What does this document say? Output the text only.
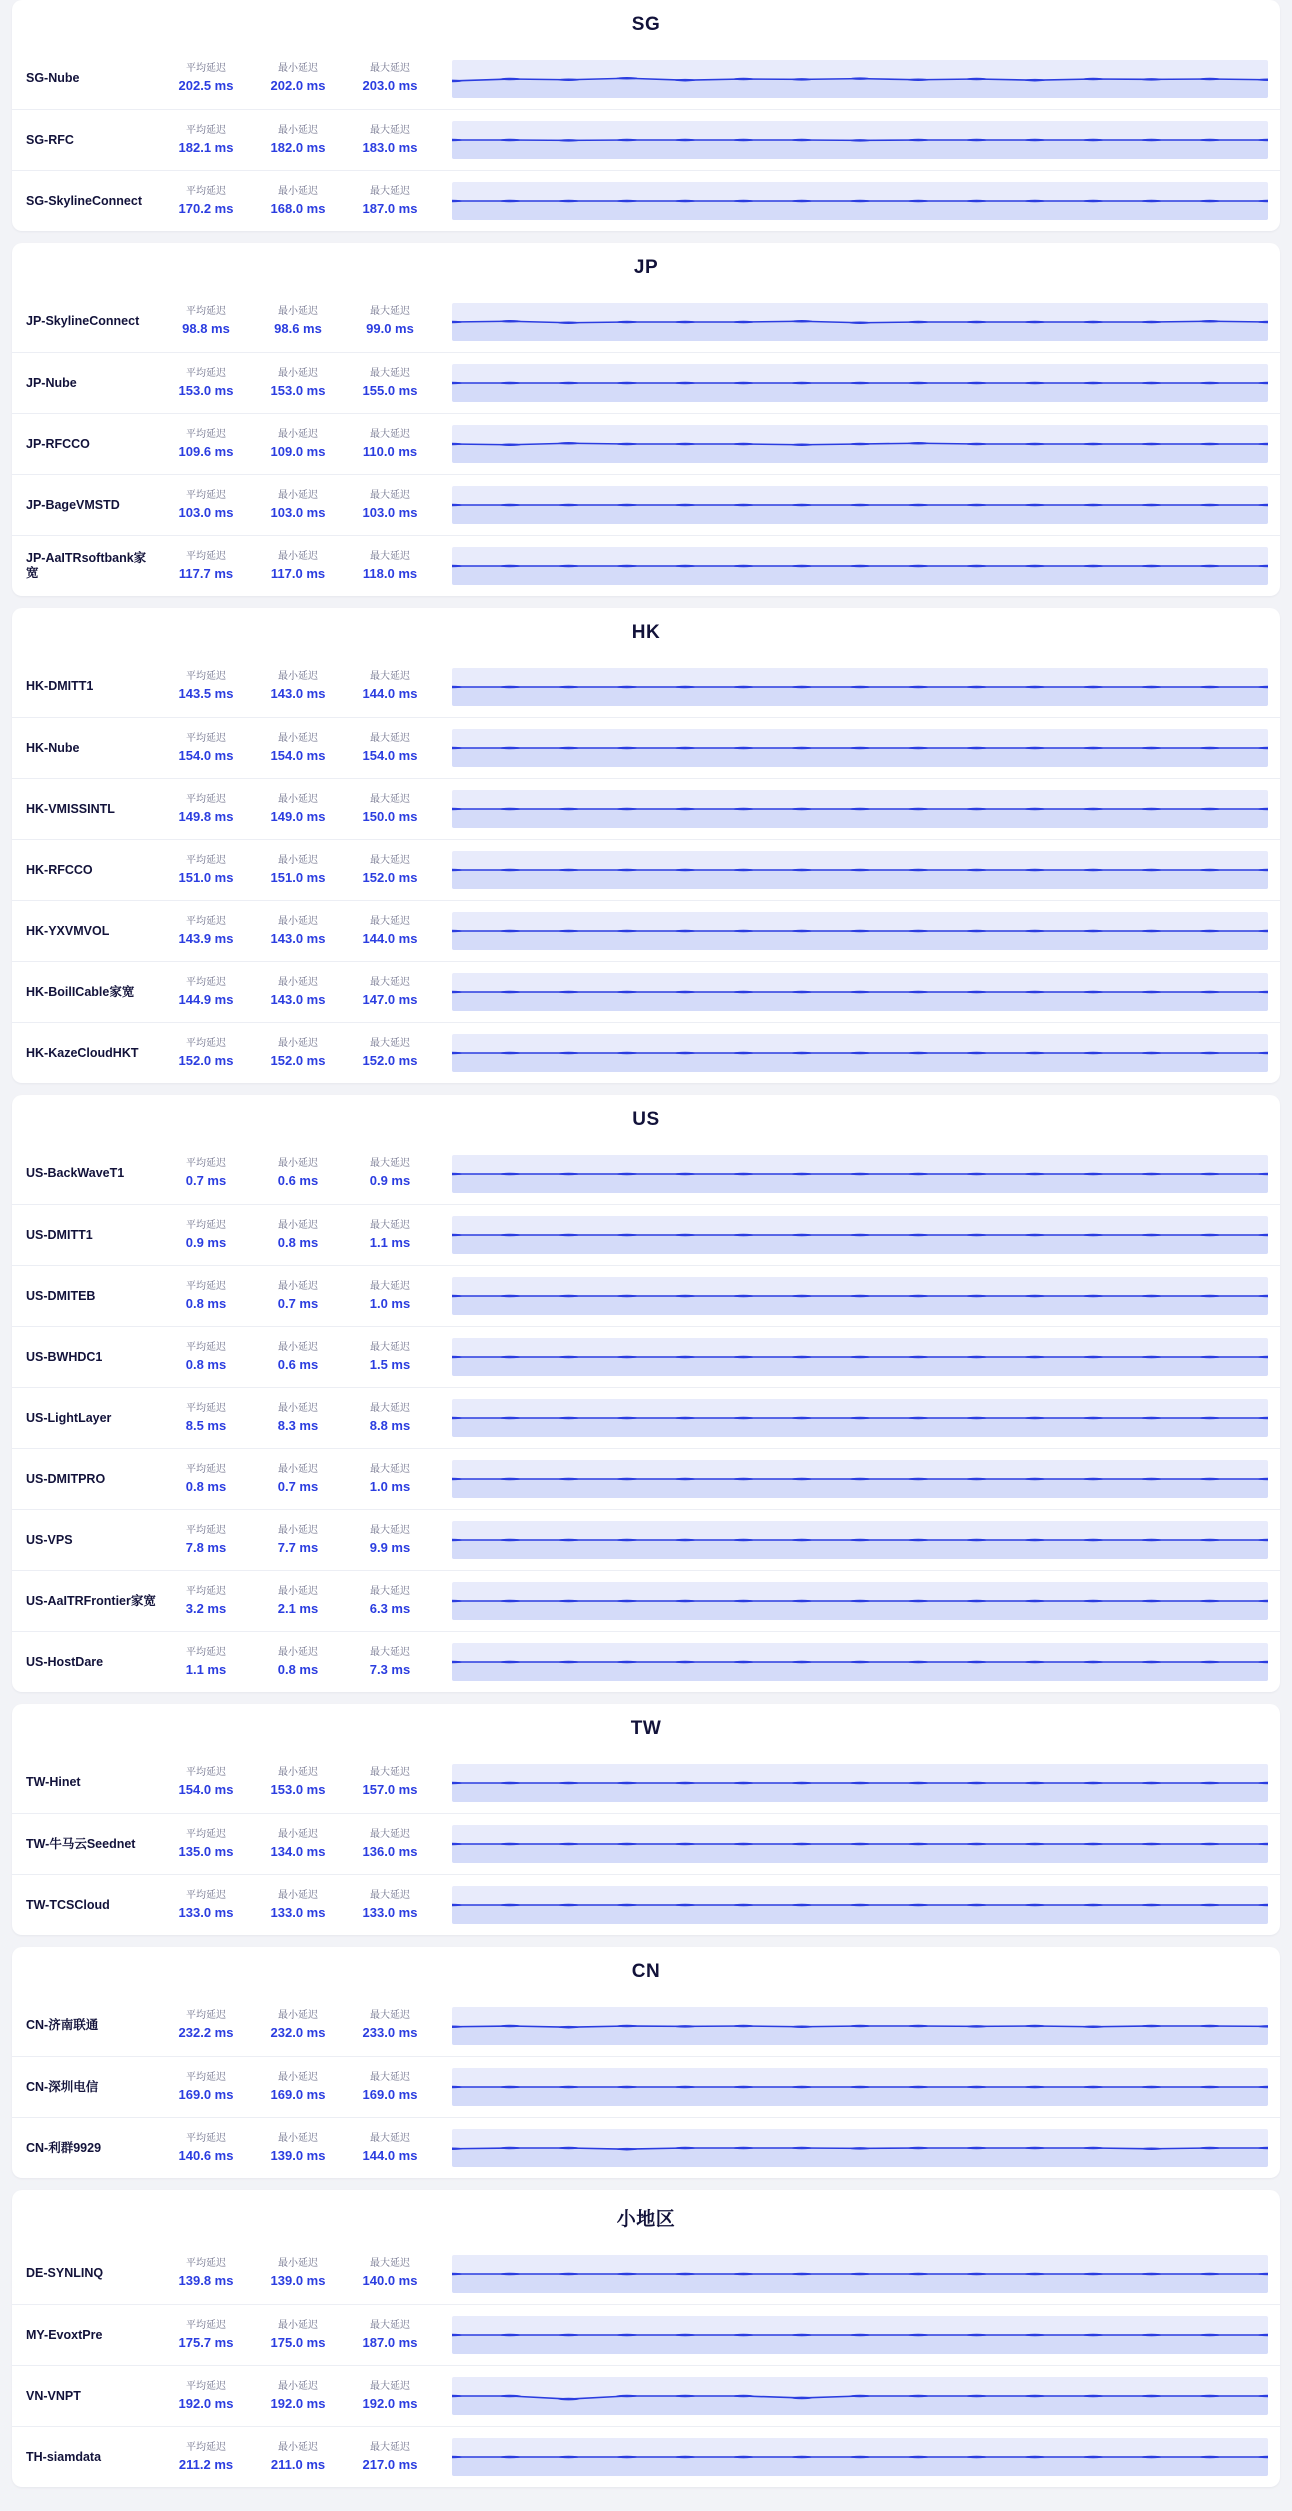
SG
SG-Nube
平均延迟
202.5 ms
最小延迟
202.0 ms
最大延迟
203.0 ms
SG-RFC
平均延迟
182.1 ms
最小延迟
182.0 ms
最大延迟
183.0 ms
SG-SkylineConnect
平均延迟
170.2 ms
最小延迟
168.0 ms
最大延迟
187.0 ms
JP
JP-SkylineConnect
平均延迟
98.8 ms
最小延迟
98.6 ms
最大延迟
99.0 ms
JP-Nube
平均延迟
153.0 ms
最小延迟
153.0 ms
最大延迟
155.0 ms
JP-RFCCO
平均延迟
109.6 ms
最小延迟
109.0 ms
最大延迟
110.0 ms
JP-BageVMSTD
平均延迟
103.0 ms
最小延迟
103.0 ms
最大延迟
103.0 ms
JP-AaITRsoftbank家宽
平均延迟
117.7 ms
最小延迟
117.0 ms
最大延迟
118.0 ms
HK
HK-DMITT1
平均延迟
143.5 ms
最小延迟
143.0 ms
最大延迟
144.0 ms
HK-Nube
平均延迟
154.0 ms
最小延迟
154.0 ms
最大延迟
154.0 ms
HK-VMISSINTL
平均延迟
149.8 ms
最小延迟
149.0 ms
最大延迟
150.0 ms
HK-RFCCO
平均延迟
151.0 ms
最小延迟
151.0 ms
最大延迟
152.0 ms
HK-YXVMVOL
平均延迟
143.9 ms
最小延迟
143.0 ms
最大延迟
144.0 ms
HK-BoilICable家宽
平均延迟
144.9 ms
最小延迟
143.0 ms
最大延迟
147.0 ms
HK-KazeCloudHKT
平均延迟
152.0 ms
最小延迟
152.0 ms
最大延迟
152.0 ms
US
US-BackWaveT1
平均延迟
0.7 ms
最小延迟
0.6 ms
最大延迟
0.9 ms
US-DMITT1
平均延迟
0.9 ms
最小延迟
0.8 ms
最大延迟
1.1 ms
US-DMITEB
平均延迟
0.8 ms
最小延迟
0.7 ms
最大延迟
1.0 ms
US-BWHDC1
平均延迟
0.8 ms
最小延迟
0.6 ms
最大延迟
1.5 ms
US-LightLayer
平均延迟
8.5 ms
最小延迟
8.3 ms
最大延迟
8.8 ms
US-DMITPRO
平均延迟
0.8 ms
最小延迟
0.7 ms
最大延迟
1.0 ms
US-VPS
平均延迟
7.8 ms
最小延迟
7.7 ms
最大延迟
9.9 ms
US-AaITRFrontier家宽
平均延迟
3.2 ms
最小延迟
2.1 ms
最大延迟
6.3 ms
US-HostDare
平均延迟
1.1 ms
最小延迟
0.8 ms
最大延迟
7.3 ms
TW
TW-Hinet
平均延迟
154.0 ms
最小延迟
153.0 ms
最大延迟
157.0 ms
TW-牛马云Seednet
平均延迟
135.0 ms
最小延迟
134.0 ms
最大延迟
136.0 ms
TW-TCSCloud
平均延迟
133.0 ms
最小延迟
133.0 ms
最大延迟
133.0 ms
CN
CN-济南联通
平均延迟
232.2 ms
最小延迟
232.0 ms
最大延迟
233.0 ms
CN-深圳电信
平均延迟
169.0 ms
最小延迟
169.0 ms
最大延迟
169.0 ms
CN-利群9929
平均延迟
140.6 ms
最小延迟
139.0 ms
最大延迟
144.0 ms
小地区
DE-SYNLINQ
平均延迟
139.8 ms
最小延迟
139.0 ms
最大延迟
140.0 ms
MY-EvoxtPre
平均延迟
175.7 ms
最小延迟
175.0 ms
最大延迟
187.0 ms
VN-VNPT
平均延迟
192.0 ms
最小延迟
192.0 ms
最大延迟
192.0 ms
TH-siamdata
平均延迟
211.2 ms
最小延迟
211.0 ms
最大延迟
217.0 ms
